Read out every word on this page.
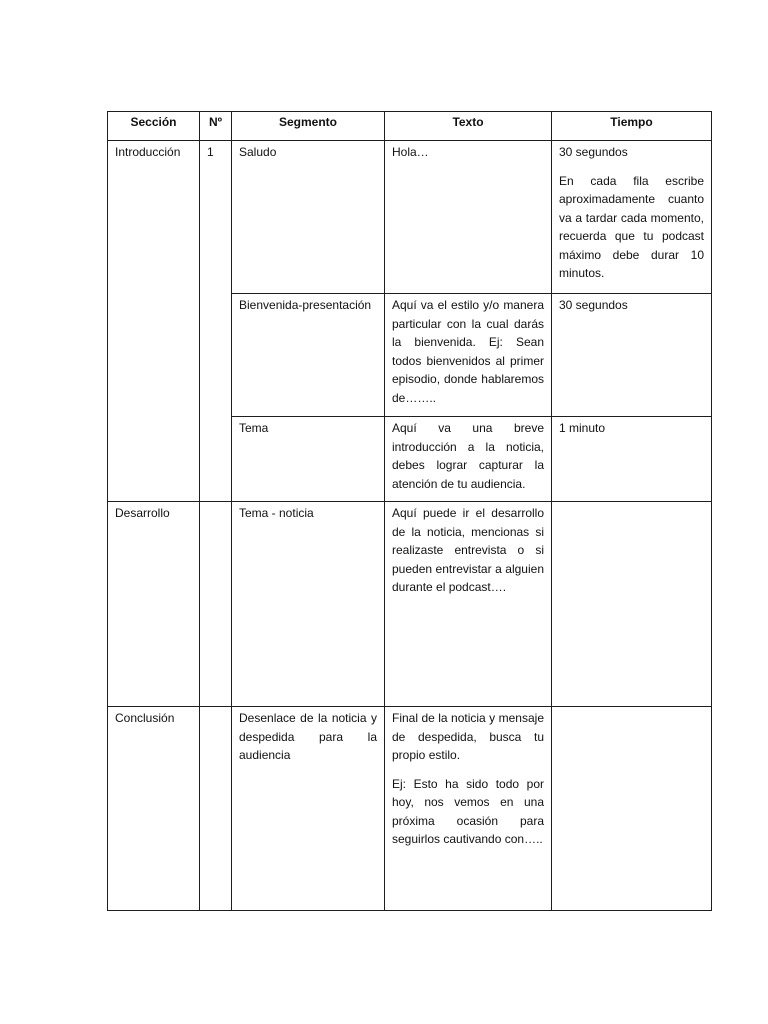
Sección	Nº	Segmento	Texto	Tiempo
Introducción	1	Saludo	Hola…	30 segundos

En cada fila escribe aproximadamente cuanto va a tardar cada momento, recuerda que tu podcast máximo debe durar 10 minutos.

		Bienvenida-presentación	Aquí va el estilo y/o manera particular con la cual darás la bienvenida. Ej: Sean todos bienvenidos al primer episodio, donde hablaremos de……..	30 segundos

		Tema	Aquí va una breve introducción a la noticia, debes lograr capturar la atención de tu audiencia.	1 minuto

Desarrollo		Tema - noticia	Aquí puede ir el desarrollo de la noticia, mencionas si realizaste entrevista o si pueden entrevistar a alguien durante el podcast….	

Conclusión		Desenlace de la noticia y despedida para la audiencia	Final de la noticia y mensaje de despedida, busca tu propio estilo.

Ej: Esto ha sido todo por hoy, nos vemos en una próxima ocasión para seguirlos cautivando con…..	
